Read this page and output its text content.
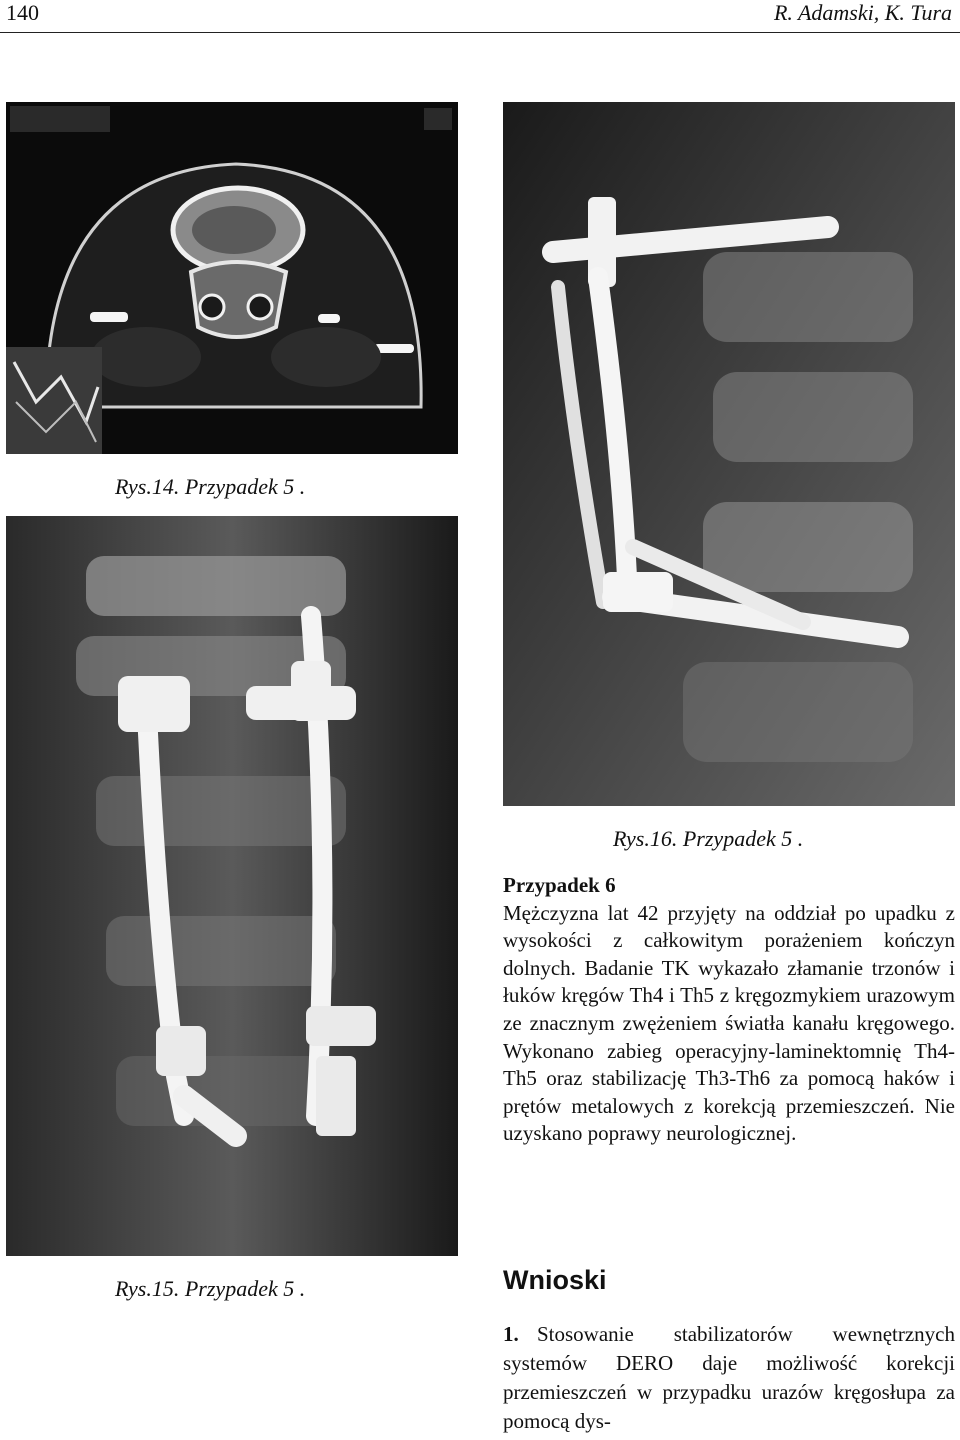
140	R. Adamski, K. Tura
Rys.14. Przypadek 5 .
Rys.15. Przypadek 5 .
Rys.16. Przypadek 5 .
Przypadek 6
Mężczyzna lat 42 przyjęty na oddział po upadku z wysokości z całkowitym porażeniem kończyn dolnych. Badanie TK wykazało złamanie trzonów i łuków kręgów Th4 i Th5 z kręgozmykiem urazowym ze znacznym zwężeniem światła kanału kręgowego. Wykonano zabieg operacyjny-laminektomnię Th4-Th5 oraz stabilizację Th3-Th6 za pomocą haków i prętów metalowych z korekcją przemieszczeń. Nie uzyskano poprawy neurologicznej.
Wnioski
1. Stosowanie stabilizatorów wewnętrznych systemów DERO daje możliwość korekcji przemieszczeń w przypadku urazów kręgosłupa za pomocą dys-
